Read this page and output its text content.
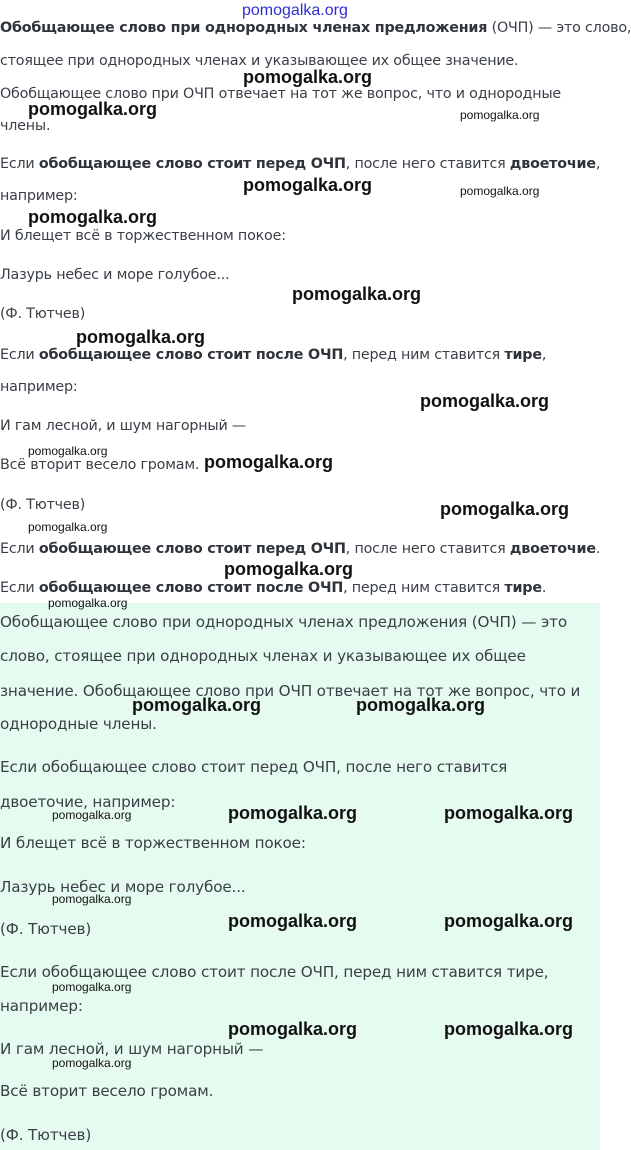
Обобщающее слово при однородных членах предложения (ОЧП) — это слово,
стоящее при однородных членах и указывающее их общее значение.
Обобщающее слово при ОЧП отвечает на тот же вопрос, что и однородные
члены.
Если обобщающее слово стоит перед ОЧП, после него ставится двоеточие,
например:
И блещет всё в торжественном покое:
Лазурь небес и море голубое...
(Ф. Тютчев)
Если обобщающее слово стоит после ОЧП, перед ним ставится тире,
например:
И гам лесной, и шум нагорный —
Всё вторит весело громам.
(Ф. Тютчев)
Если обобщающее слово стоит перед ОЧП, после него ставится двоеточие.
Если обобщающее слово стоит после ОЧП, перед ним ставится тире.
Обобщающее слово при однородных членах предложения (ОЧП) — это
слово, стоящее при однородных членах и указывающее их общее
значение. Обобщающее слово при ОЧП отвечает на тот же вопрос, что и
однородные члены.
Если обобщающее слово стоит перед ОЧП, после него ставится
двоеточие, например:
И блещет всё в торжественном покое:
Лазурь небес и море голубое...
(Ф. Тютчев)
Если обобщающее слово стоит после ОЧП, перед ним ставится тире,
например:
И гам лесной, и шум нагорный —
Всё вторит весело громам.
(Ф. Тютчев)
pomogalka.org
pomogalka.org
pomogalka.org	pomogalka.org
pomogalka.org	pomogalka.org
pomogalka.org
pomogalka.org
pomogalka.org
pomogalka.org
pomogalka.org
pomogalka.org
pomogalka.org
pomogalka.org
pomogalka.org
pomogalka.org
pomogalka.org	pomogalka.org
pomogalka.org	pomogalka.org
pomogalka.org
pomogalka.org
pomogalka.org	pomogalka.org
pomogalka.org
pomogalka.org	pomogalka.org
pomogalka.org
